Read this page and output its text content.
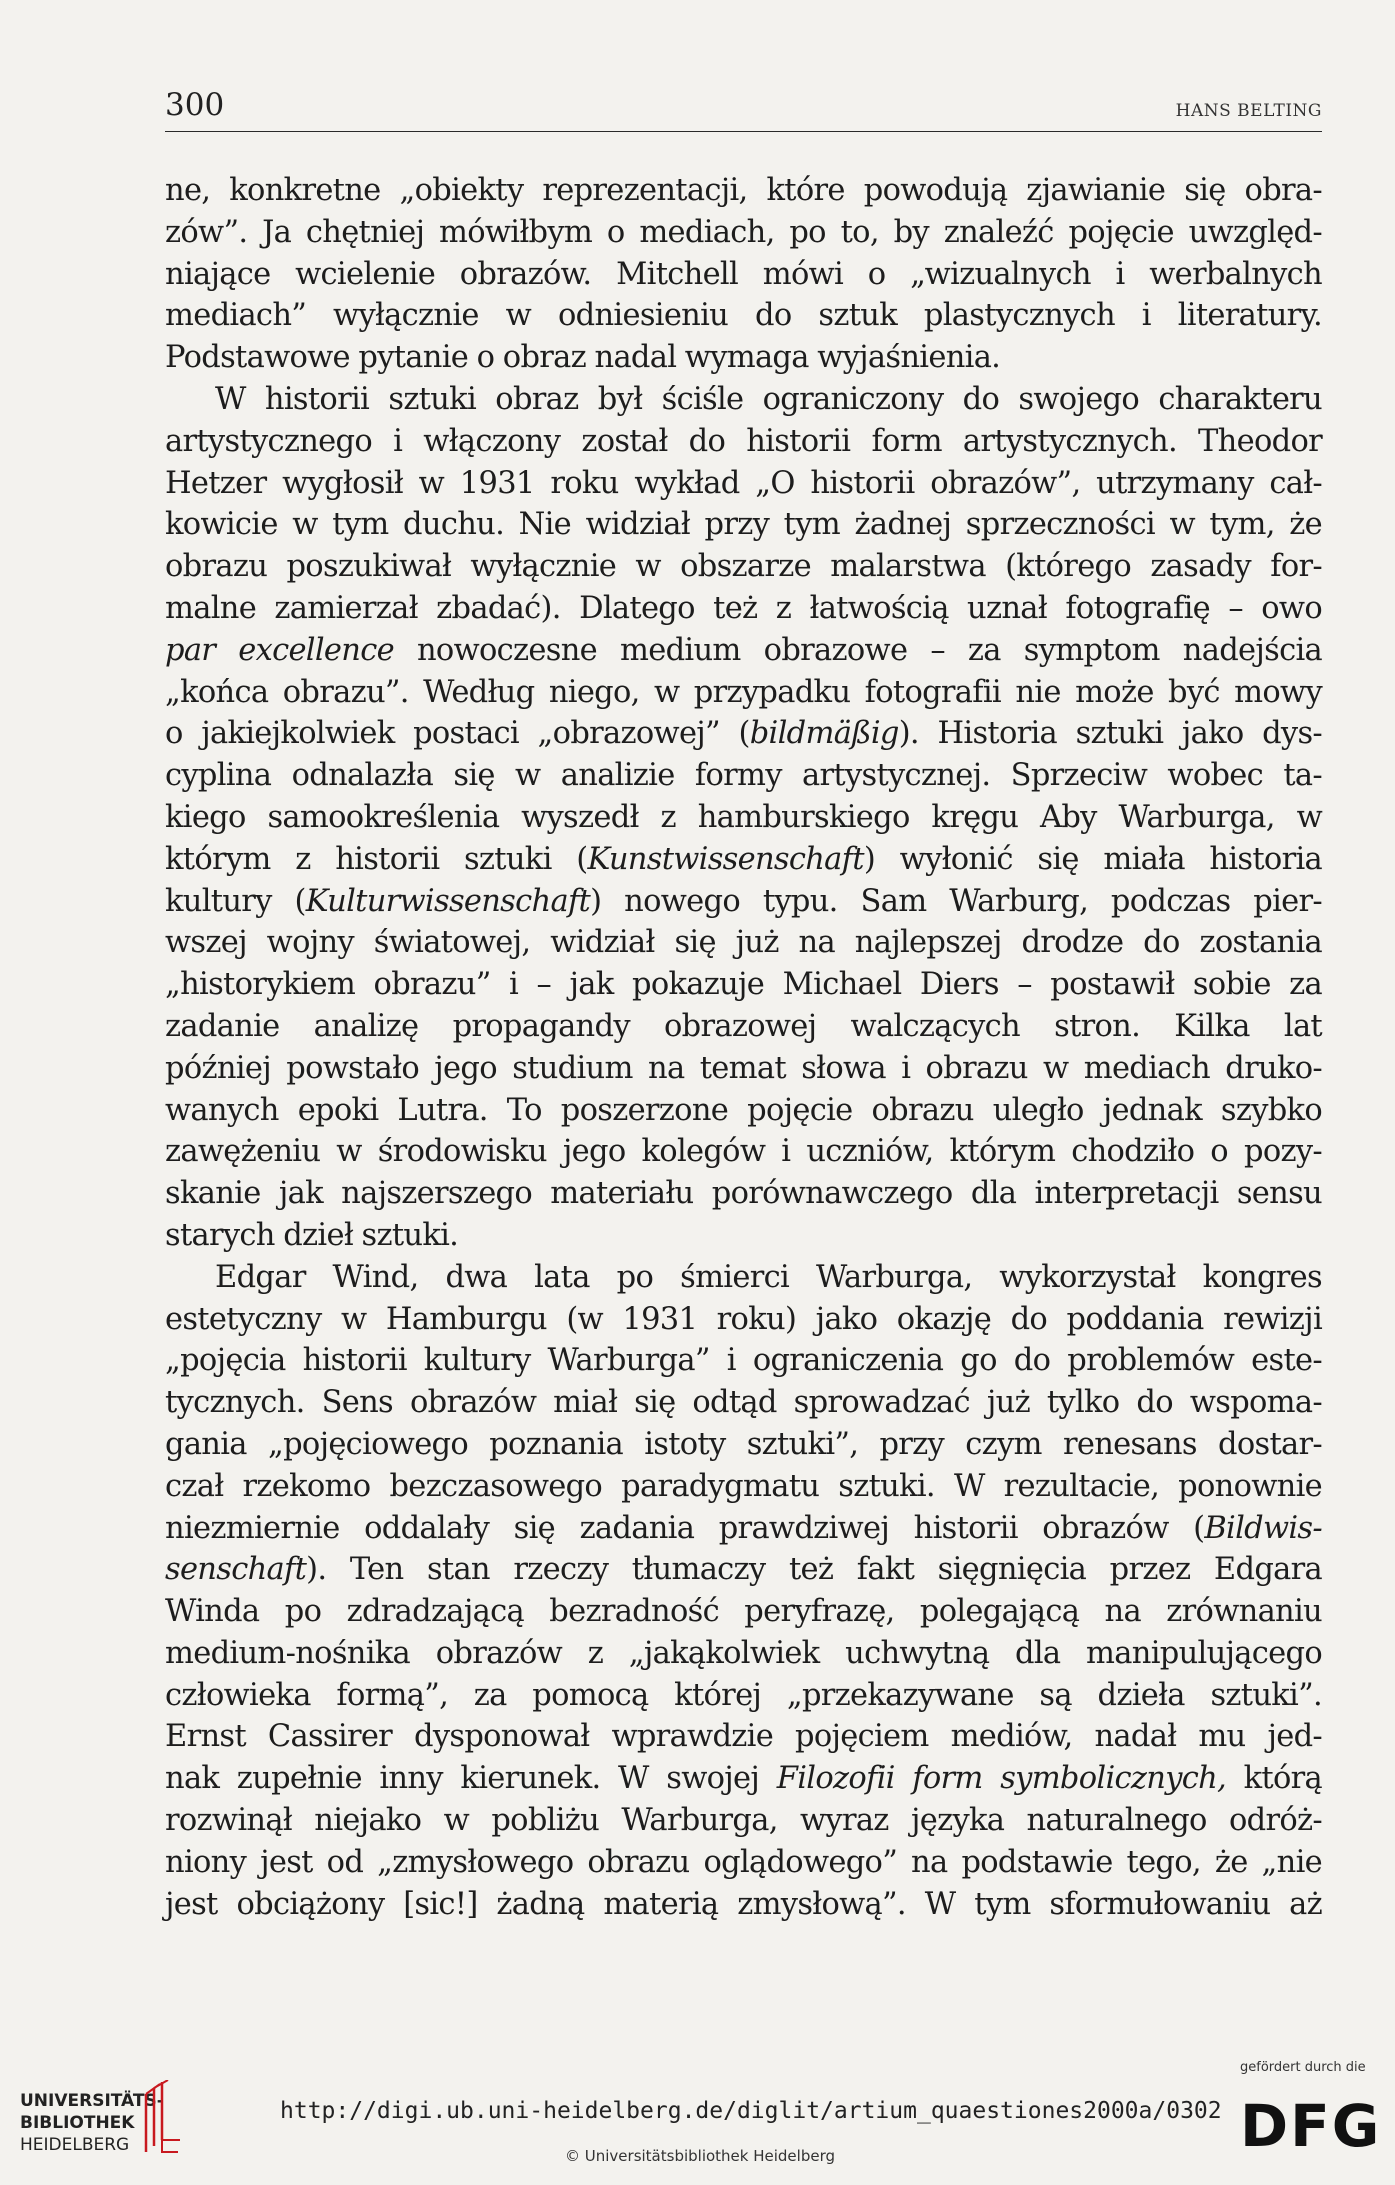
300	HANS BELTING
ne, konkretne „obiekty reprezentacji, które powodują zjawianie się obra-
zów”. Ja chętniej mówiłbym o mediach, po to, by znaleźć pojęcie uwzględ-
niające wcielenie obrazów. Mitchell mówi o „wizualnych i werbalnych
mediach” wyłącznie w odniesieniu do sztuk plastycznych i literatury.
Podstawowe pytanie o obraz nadal wymaga wyjaśnienia.
W historii sztuki obraz był ściśle ograniczony do swojego charakteru
artystycznego i włączony został do historii form artystycznych. Theodor
Hetzer wygłosił w 1931 roku wykład „O historii obrazów”, utrzymany cał-
kowicie w tym duchu. Nie widział przy tym żadnej sprzeczności w tym, że
obrazu poszukiwał wyłącznie w obszarze malarstwa (którego zasady for-
malne zamierzał zbadać). Dlatego też z łatwością uznał fotografię – owo
par excellence nowoczesne medium obrazowe – za symptom nadejścia
„końca obrazu”. Według niego, w przypadku fotografii nie może być mowy
o jakiejkolwiek postaci „obrazowej” (bildmäßig). Historia sztuki jako dys-
cyplina odnalazła się w analizie formy artystycznej. Sprzeciw wobec ta-
kiego samookreślenia wyszedł z hamburskiego kręgu Aby Warburga, w
którym z historii sztuki (Kunstwissenschaft) wyłonić się miała historia
kultury (Kulturwissenschaft) nowego typu. Sam Warburg, podczas pier-
wszej wojny światowej, widział się już na najlepszej drodze do zostania
„historykiem obrazu” i – jak pokazuje Michael Diers – postawił sobie za
zadanie analizę propagandy obrazowej walczących stron. Kilka lat
później powstało jego studium na temat słowa i obrazu w mediach druko-
wanych epoki Lutra. To poszerzone pojęcie obrazu uległo jednak szybko
zawężeniu w środowisku jego kolegów i uczniów, którym chodziło o pozy-
skanie jak najszerszego materiału porównawczego dla interpretacji sensu
starych dzieł sztuki.
Edgar Wind, dwa lata po śmierci Warburga, wykorzystał kongres
estetyczny w Hamburgu (w 1931 roku) jako okazję do poddania rewizji
„pojęcia historii kultury Warburga” i ograniczenia go do problemów este-
tycznych. Sens obrazów miał się odtąd sprowadzać już tylko do wspoma-
gania „pojęciowego poznania istoty sztuki”, przy czym renesans dostar-
czał rzekomo bezczasowego paradygmatu sztuki. W rezultacie, ponownie
niezmiernie oddalały się zadania prawdziwej historii obrazów (Bildwis-
senschaft). Ten stan rzeczy tłumaczy też fakt sięgnięcia przez Edgara
Winda po zdradzającą bezradność peryfrazę, polegającą na zrównaniu
medium-nośnika obrazów z „jakąkolwiek uchwytną dla manipulującego
człowieka formą”, za pomocą której „przekazywane są dzieła sztuki”.
Ernst Cassirer dysponował wprawdzie pojęciem mediów, nadał mu jed-
nak zupełnie inny kierunek. W swojej Filozofii form symbolicznych, którą
rozwinął niejako w pobliżu Warburga, wyraz języka naturalnego odróż-
niony jest od „zmysłowego obrazu oglądowego” na podstawie tego, że „nie
jest obciążony [sic!] żadną materią zmysłową”. W tym sformułowaniu aż
UNIVERSITÄTS-
BIBLIOTHEK
HEIDELBERG
http://digi.ub.uni-heidelberg.de/diglit/artium_quaestiones2000a/0302
© Universitätsbibliothek Heidelberg
gefördert durch die
DFG
